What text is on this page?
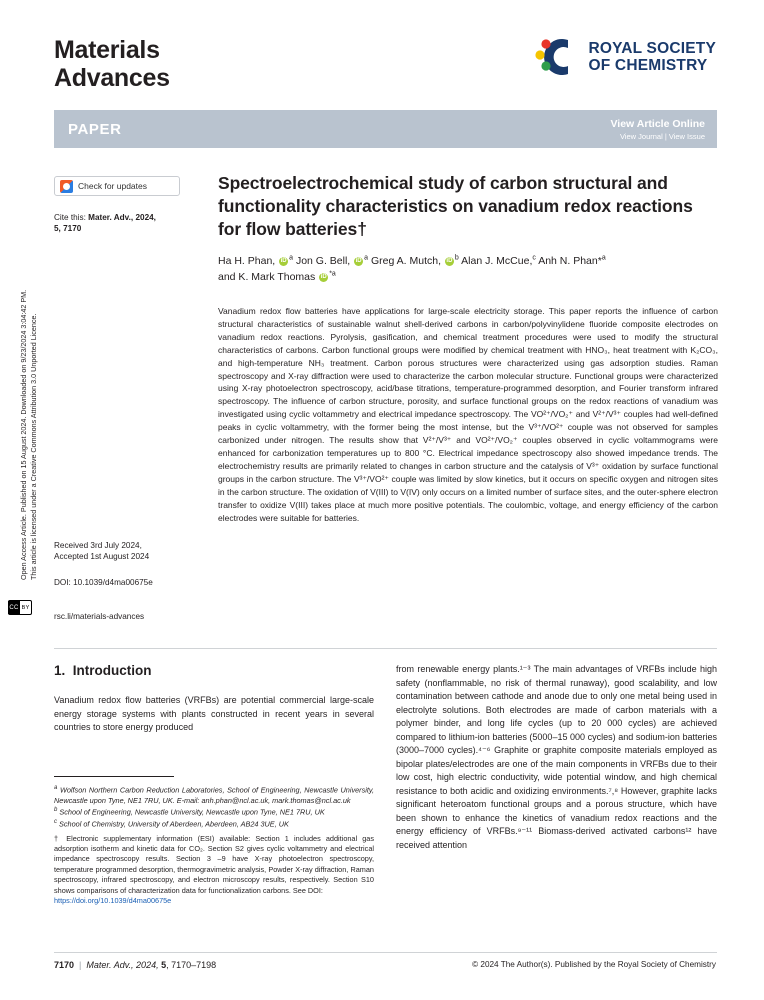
Open Access Article. Published on 15 August 2024. Downloaded on 9/23/2024 3:04:42 PM. This article is licensed under a Creative Commons Attribution 3.0 Unported Licence.
CC BY
Materials
Advances
ROYAL SOCIETY
OF CHEMISTRY
PAPER	View Article Online
View Journal | View Issue
Check for updates
Cite this: Mater. Adv., 2024,
5, 7170
Received 3rd July 2024,
Accepted 1st August 2024
DOI: 10.1039/d4ma00675e
rsc.li/materials-advances
Spectroelectrochemical study of carbon structural and functionality characteristics on vanadium redox reactions for flow batteries†
Ha H. Phan, iD $^a$ Jon G. Bell, iD $^a$ Greg A. Mutch, iD $^b$ Alan J. McCue,$^c$ Anh N. Phan*$^a$
and K. Mark Thomas iD $^{*a}$
Vanadium redox flow batteries have applications for large-scale electricity storage. This paper reports the influence of carbon structural characteristics of sustainable walnut shell-derived carbons in carbon/polyvinylidene fluoride composite electrodes on vanadium redox reactions. Pyrolysis, gasification, and chemical treatment procedures were used to modify the structural characteristics of carbons. Carbon functional groups were modified by chemical treatment with HNO₃, heat treatment with K₂CO₃, and high-temperature NH₃ treatment. Carbon porous structures were characterized using gas adsorption studies. Raman spectroscopy and X-ray diffraction were used to characterize the carbon molecular structure. Functional groups were characterized using X-ray photoelectron spectroscopy, acid/base titrations, temperature-programmed desorption, and Fourier transform infrared spectroscopy. The influence of carbon structure, porosity, and surface functional groups on the redox reactions of vanadium was investigated using cyclic voltammetry and electrical impedance spectroscopy. The VO²⁺/VO₂⁺ and V²⁺/V³⁺ couples had well-defined peaks in cyclic voltammetry, with the former being the most intense, but the V³⁺/VO²⁺ couple was not observed for samples carbonized under nitrogen. The results show that V²⁺/V³⁺ and VO²⁺/VO₂⁺ couples observed in cyclic voltammograms were enhanced for carbonization temperatures up to 800 °C. Electrical impedance spectroscopy also showed impedance trends. The electrochemistry results are primarily related to changes in carbon structure and the catalysis of V³⁺ oxidation by surface functional groups in the carbon structure. The V³⁺/VO²⁺ couple was limited by slow kinetics, but it occurs on specific oxygen and nitrogen sites in the carbon structure. The oxidation of V(III) to V(IV) only occurs on a limited number of surface sites, and the outer-sphere electron transfer to oxidize V(III) takes place at much more positive potentials. The coulombic, voltage, and energy efficiency of the carbon electrodes were suitable for batteries.
1. Introduction
Vanadium redox flow batteries (VRFBs) are potential commercial large-scale energy storage systems with plants constructed in recent years in several countries to store energy produced
from renewable energy plants.¹⁻³ The main advantages of VRFBs include high safety (nonflammable, no risk of thermal runaway), good scalability, and low contamination between cathode and anode due to only one metal being used in electrolyte solutions. Both electrodes are made of carbon materials with a polymer binder, and long life cycles (up to 20 000 cycles) are achieved compared to lithium-ion batteries (5000–15 000 cycles) and sodium-ion batteries (3000–7000 cycles).⁴⁻⁶ Graphite or graphite composite materials employed as bipolar plates/electrodes are one of the main components in VRFBs due to their low cost, high electric conductivity, wide potential window, and high chemical resistance to both acidic and oxidizing environments.⁷,⁸ However, graphite lacks significant heteroatom functional groups and a porous structure, which have been shown to enhance the kinetics of vanadium redox reactions and the energy efficiency of VRFBs.⁹⁻¹¹ Biomass-derived activated carbons¹² have received attention
$^a$ Wolfson Northern Carbon Reduction Laboratories, School of Engineering, Newcastle University, Newcastle upon Tyne, NE1 7RU, UK. E-mail: anh.phan@ncl.ac.uk, mark.thomas@ncl.ac.uk
$^b$ School of Engineering, Newcastle University, Newcastle upon Tyne, NE1 7RU, UK
$^c$ School of Chemistry, University of Aberdeen, Aberdeen, AB24 3UE, UK
† Electronic supplementary information (ESI) available: Section 1 includes additional gas adsorption isotherm and kinetic data for CO₂. Section S2 gives cyclic voltammetry and electrical impedance spectroscopy results. Section 3 –9 have X-ray photoelectron spectroscopy, temperature programmed desorption, thermogravimetric analysis, Powder X-ray diffraction, Raman spectroscopy, infrared spectroscopy, and electron microscopy results, respectively. Section S10 shows comparisons of characterization data for functionalization carbons. See DOI:
https://doi.org/10.1039/d4ma00675e
7170 | Mater. Adv., 2024, 5, 7170–7198	© 2024 The Author(s). Published by the Royal Society of Chemistry
